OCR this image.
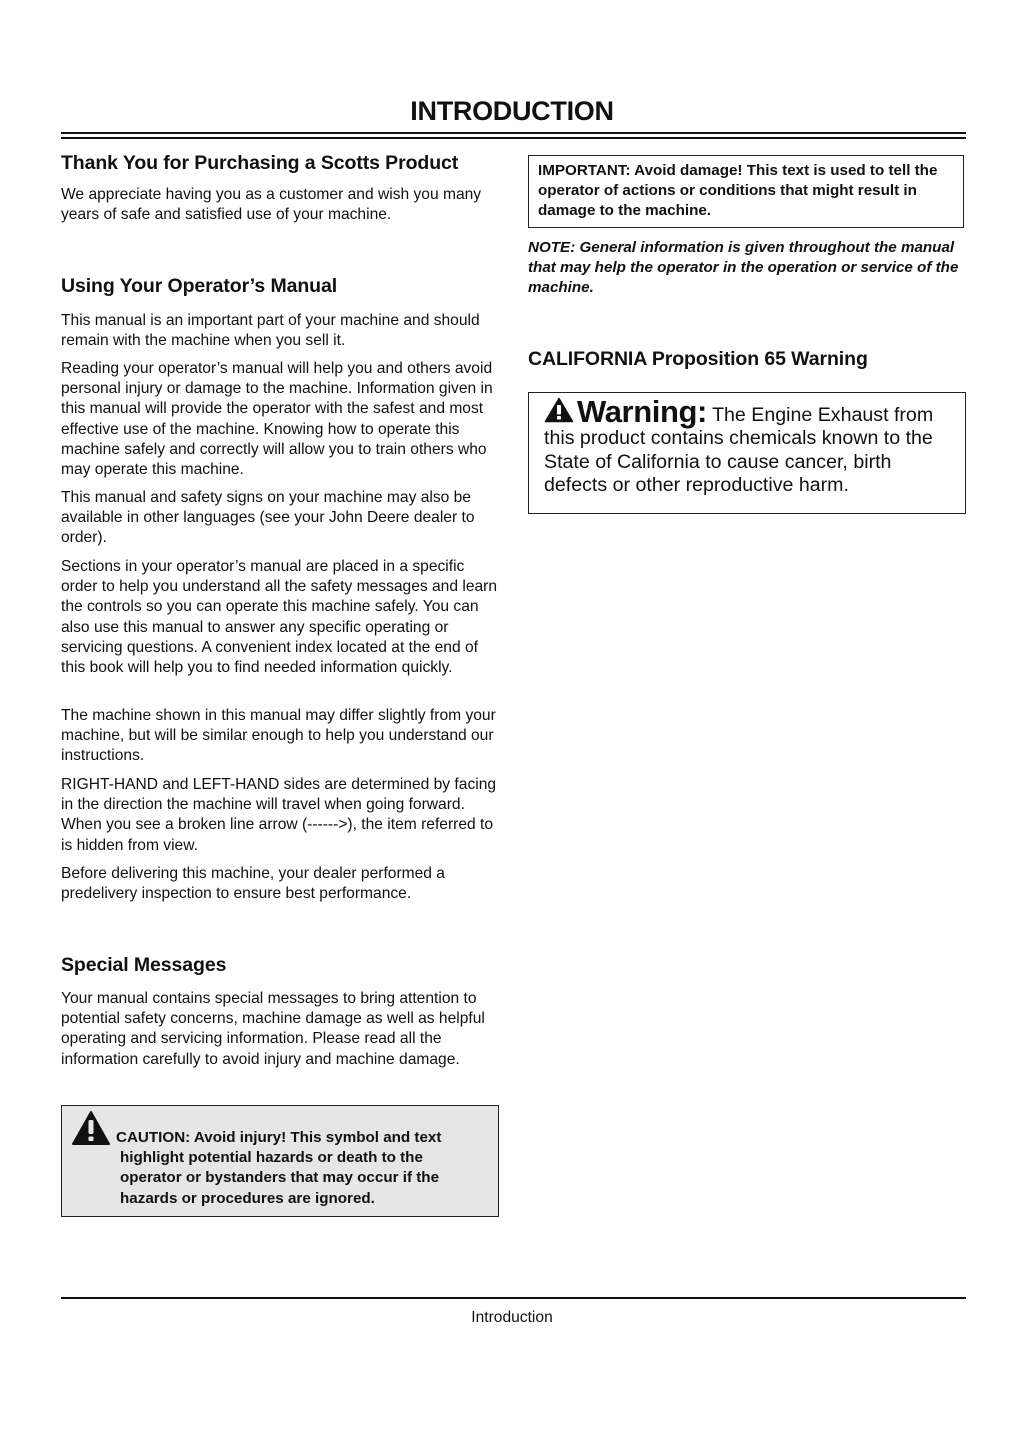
INTRODUCTION
Thank You for Purchasing a Scotts Product

We appreciate having you as a customer and wish you many years of safe and satisfied use of your machine.

Using Your Operator’s Manual

This manual is an important part of your machine and should remain with the machine when you sell it.

Reading your operator’s manual will help you and others avoid personal injury or damage to the machine. Information given in this manual will provide the operator with the safest and most effective use of the machine. Knowing how to operate this machine safely and correctly will allow you to train others who may operate this machine.

This manual and safety signs on your machine may also be available in other languages (see your John Deere dealer to order).

Sections in your operator’s manual are placed in a specific order to help you understand all the safety messages and learn the controls so you can operate this machine safely. You can also use this manual to answer any specific operating or servicing questions. A convenient index located at the end of this book will help you to find needed information quickly.

The machine shown in this manual may differ slightly from your machine, but will be similar enough to help you understand our instructions.

RIGHT-HAND and LEFT-HAND sides are determined by facing in the direction the machine will travel when going forward. When you see a broken line arrow (------>), the item referred to is hidden from view.

Before delivering this machine, your dealer performed a predelivery inspection to ensure best performance.

Special Messages

Your manual contains special messages to bring attention to potential safety concerns, machine damage as well as helpful operating and servicing information. Please read all the information carefully to avoid injury and machine damage.

CAUTION: Avoid injury! This symbol and text
highlight potential hazards or death to the operator or bystanders that may occur if the hazards or procedures are ignored.
IMPORTANT: Avoid damage! This text is used to tell the operator of actions or conditions that might result in damage to the machine.
NOTE: General information is given throughout the manual that may help the operator in the operation or service of the machine.
CALIFORNIA Proposition 65 Warning
Warning: The Engine Exhaust from this product contains chemicals known to the State of California to cause cancer, birth defects or other reproductive harm.
Introduction
